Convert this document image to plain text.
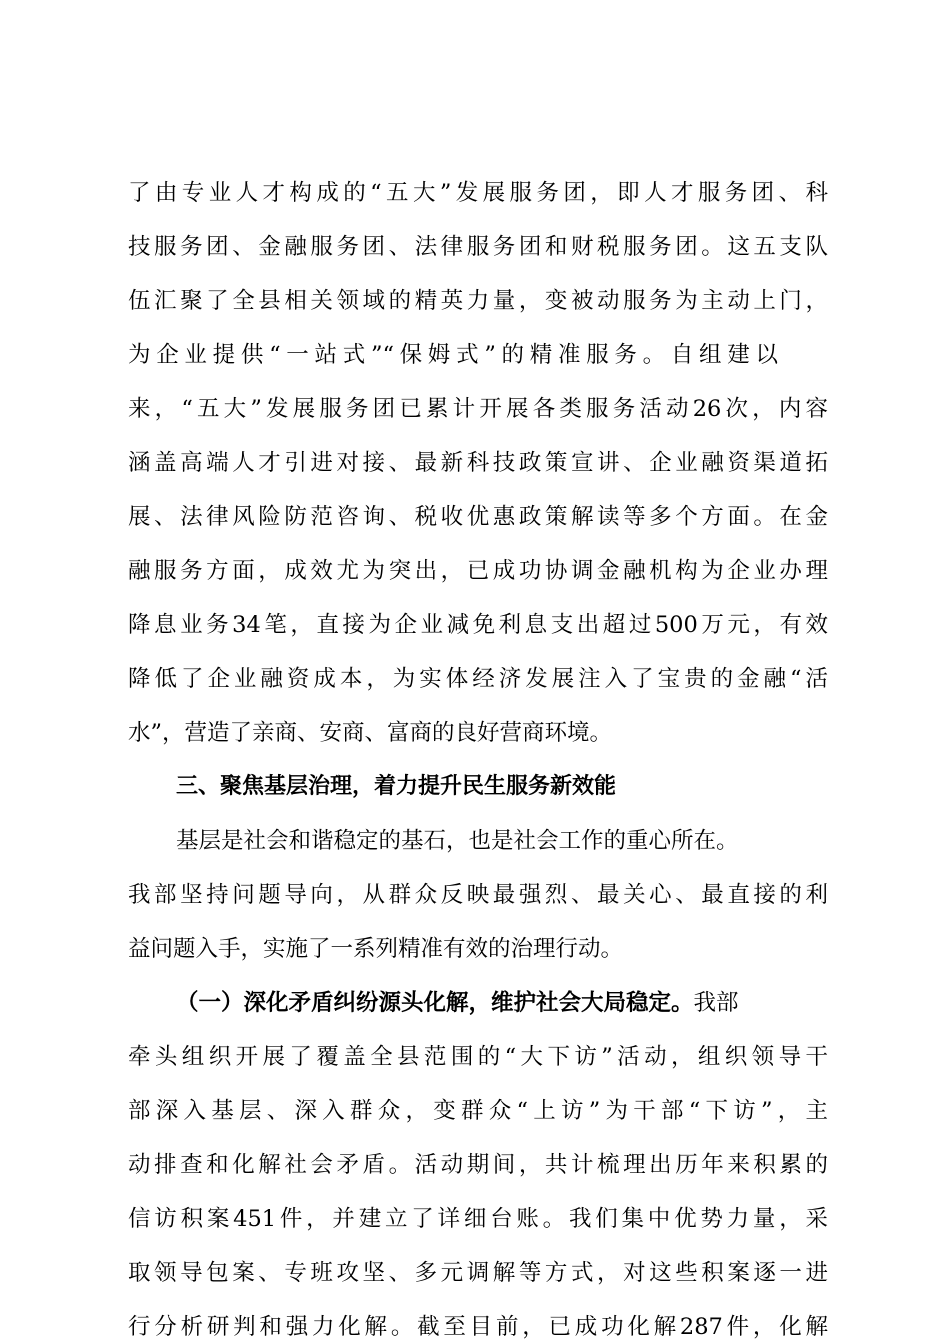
了由专业人才构成的“五大”发展服务团，即人才服务团、科

技服务团、金融服务团、法律服务团和财税服务团。这五支队

伍汇聚了全县相关领域的精英力量，变被动服务为主动上门，

为企业提供“一站式”“保姆式”的精准服务。自组建以

来，“五大”发展服务团已累计开展各类服务活动26次，内容

涵盖高端人才引进对接、最新科技政策宣讲、企业融资渠道拓

展、法律风险防范咨询、税收优惠政策解读等多个方面。在金

融服务方面，成效尤为突出，已成功协调金融机构为企业办理

降息业务34笔，直接为企业减免利息支出超过500万元，有效

降低了企业融资成本，为实体经济发展注入了宝贵的金融“活

水”，营造了亲商、安商、富商的良好营商环境。

三、聚焦基层治理，着力提升民生服务新效能

基层是社会和谐稳定的基石，也是社会工作的重心所在。

我部坚持问题导向，从群众反映最强烈、最关心、最直接的利

益问题入手，实施了一系列精准有效的治理行动。

（一）深化矛盾纠纷源头化解，维护社会大局稳定。我部

牵头组织开展了覆盖全县范围的“大下访”活动，组织领导干

部深入基层、深入群众，变群众“上访”为干部“下访”，主

动排查和化解社会矛盾。活动期间，共计梳理出历年来积累的

信访积案451件，并建立了详细台账。我们集中优势力量，采

取领导包案、专班攻坚、多元调解等方式，对这些积案逐一进

行分析研判和强力化解。截至目前，已成功化解287件，化解
